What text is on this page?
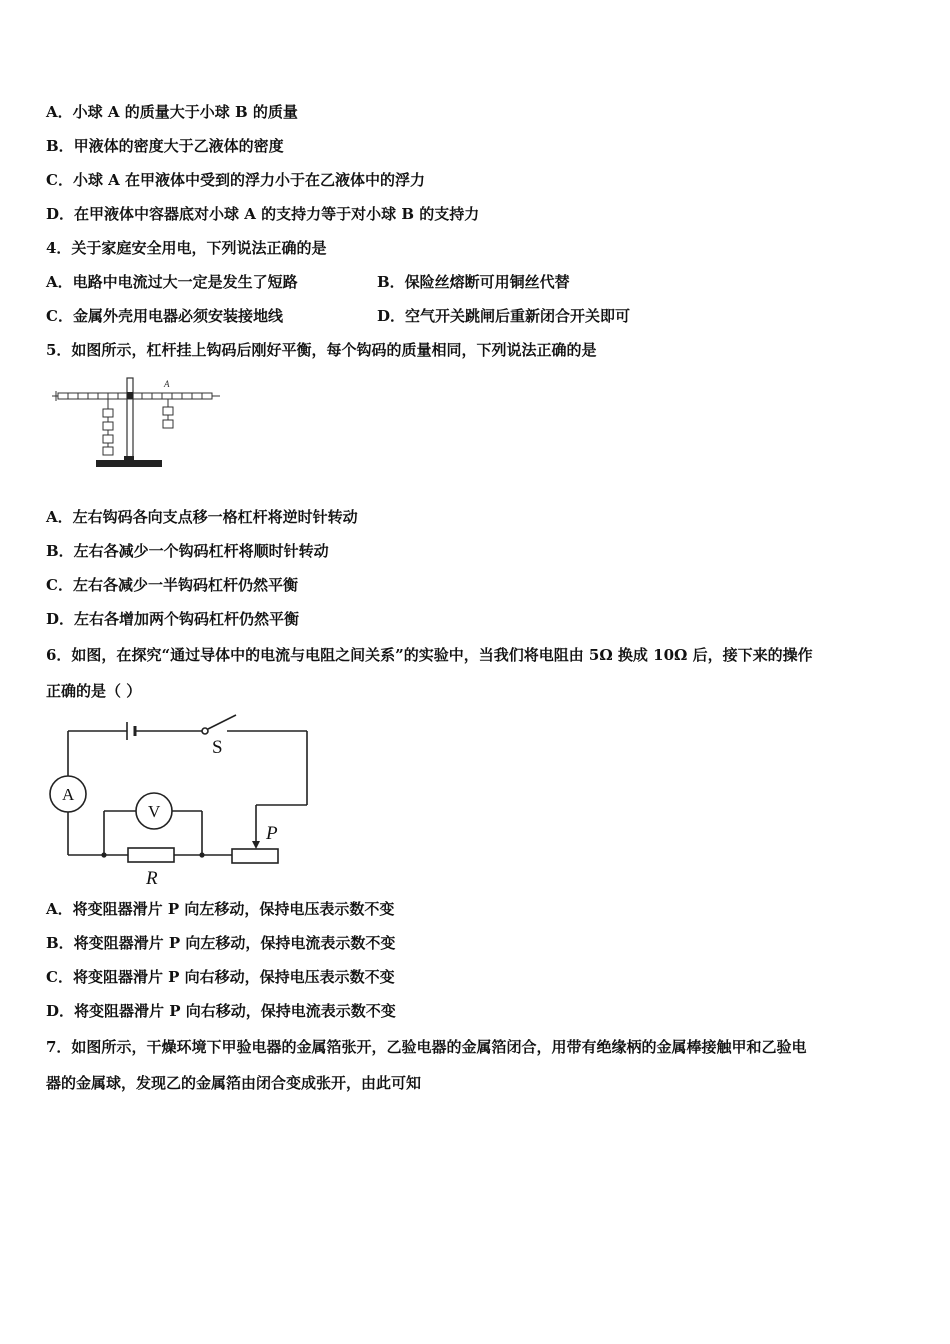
A．小球 A 的质量大于小球 B 的质量
B．甲液体的密度大于乙液体的密度
C．小球 A 在甲液体中受到的浮力小于在乙液体中的浮力
D．在甲液体中容器底对小球 A 的支持力等于对小球 B 的支持力
4．关于家庭安全用电，下列说法正确的是
A．电路中电流过大一定是发生了短路	B．保险丝熔断可用铜丝代替
C．金属外壳用电器必须安装接地线	D．空气开关跳闸后重新闭合开关即可
5．如图所示，杠杆挂上钩码后刚好平衡，每个钩码的质量相同，下列说法正确的是
A
A．左右钩码各向支点移一格杠杆将逆时针转动
B．左右各减少一个钩码杠杆将顺时针转动
C．左右各减少一半钩码杠杆仍然平衡
D．左右各增加两个钩码杠杆仍然平衡
6．如图，在探究“通过导体中的电流与电阻之间关系”的实验中，当我们将电阻由 5Ω 换成 10Ω 后，接下来的操作
正确的是（ ）
S
A
V
P
R
A．将变阻器滑片 P 向左移动，保持电压表示数不变
B．将变阻器滑片 P 向左移动，保持电流表示数不变
C．将变阻器滑片 P 向右移动，保持电压表示数不变
D．将变阻器滑片 P 向右移动，保持电流表示数不变
7．如图所示，干燥环境下甲验电器的金属箔张开，乙验电器的金属箔闭合，用带有绝缘柄的金属棒接触甲和乙验电
器的金属球，发现乙的金属箔由闭合变成张开，由此可知
